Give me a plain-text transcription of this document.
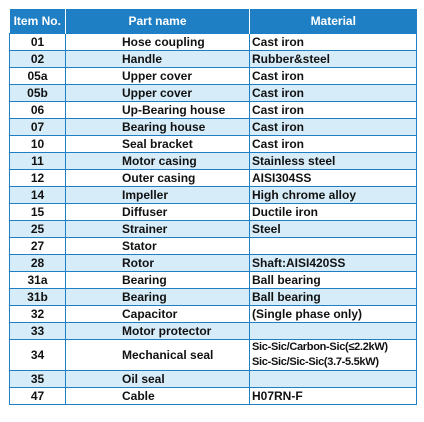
Item No.	Part name	Material
01	Hose coupling	Cast iron
02	Handle	Rubber&steel
05a	Upper cover	Cast iron
05b	Upper cover	Cast iron
06	Up-Bearing house	Cast iron
07	Bearing house	Cast iron
10	Seal bracket	Cast iron
11	Motor casing	Stainless steel
12	Outer casing	AISI304SS
14	Impeller	High chrome alloy
15	Diffuser	Ductile iron
25	Strainer	Steel
27	Stator	
28	Rotor	Shaft:AISI420SS
31a	Bearing	Ball bearing
31b	Bearing	Ball bearing
32	Capacitor	(Single phase only)
33	Motor protector	
34	Mechanical seal	Sic-Sic/Carbon-Sic(≤2.2kW)
Sic-Sic/Sic-Sic(3.7-5.5kW)

35	Oil seal	
47	Cable	H07RN-F
